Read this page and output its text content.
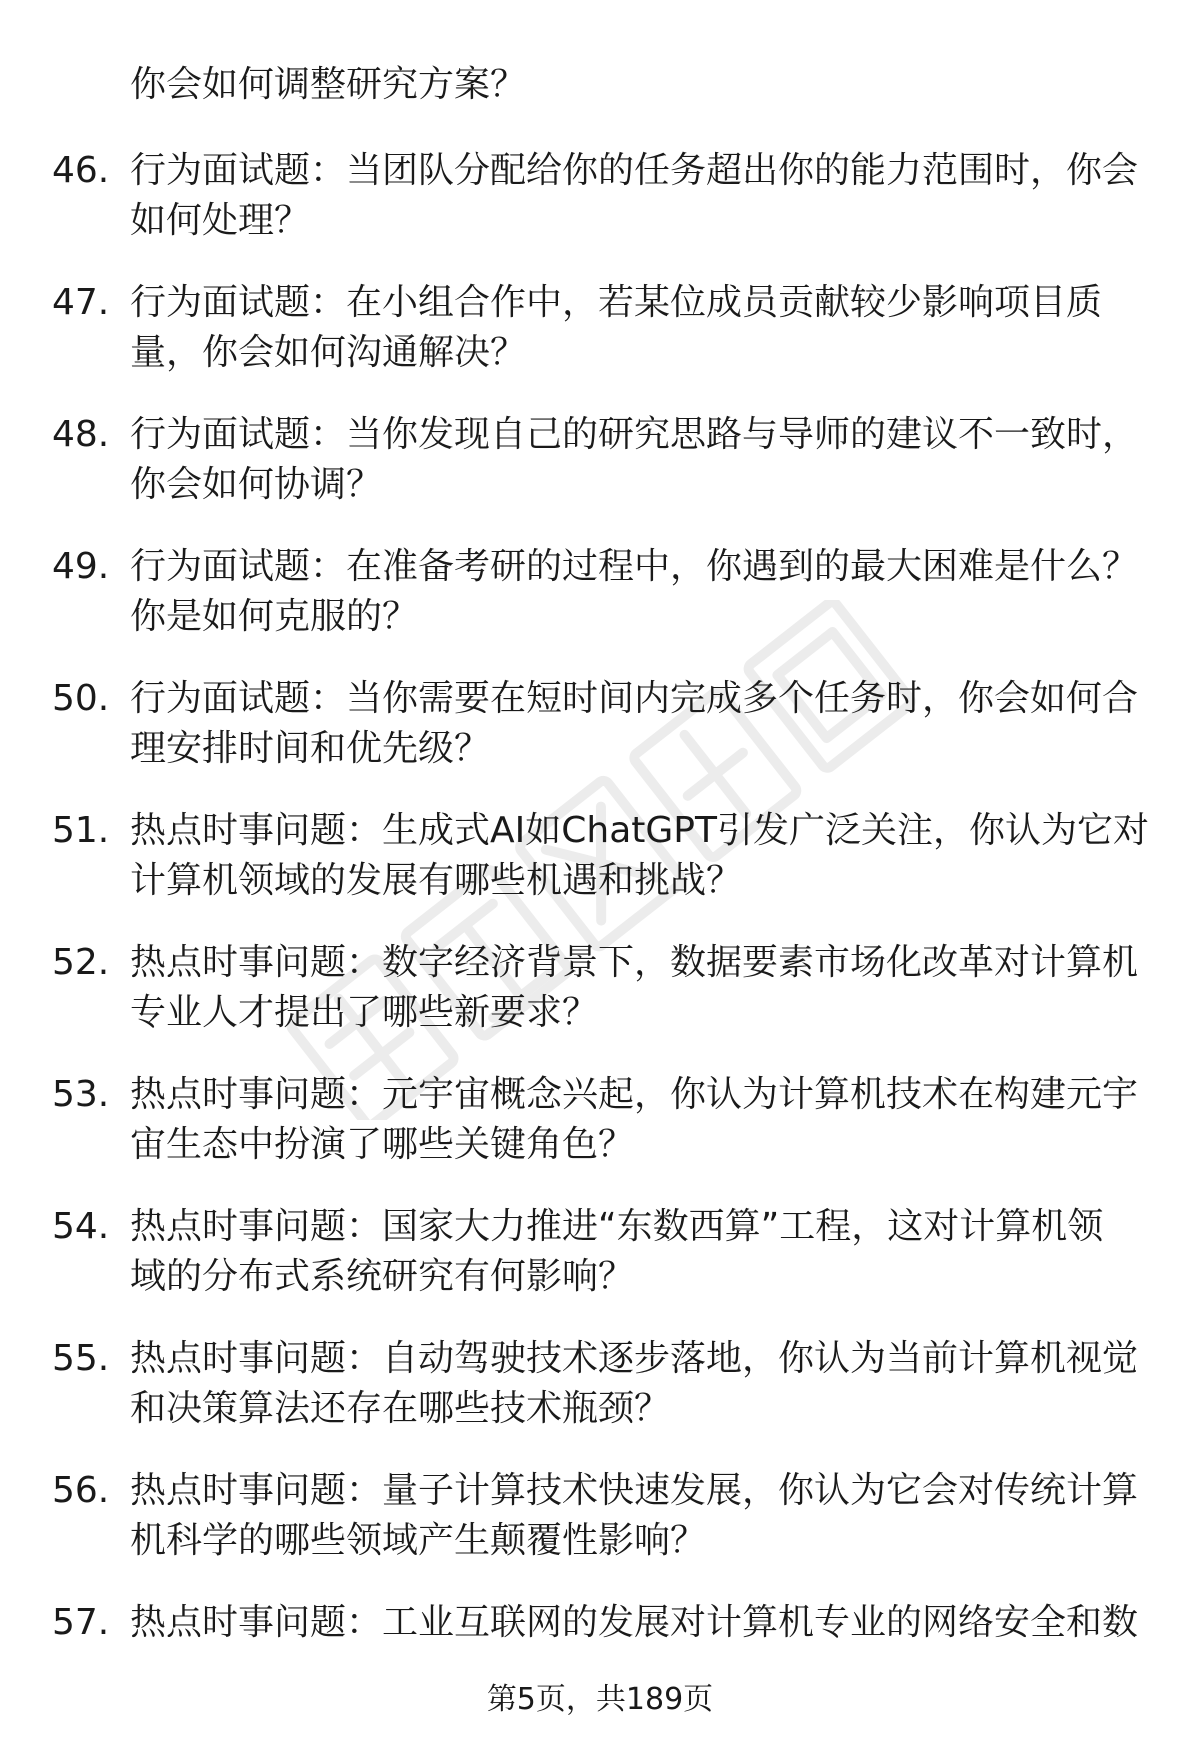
你会如何调整研究方案？

46. 行为面试题：当团队分配给你的任务超出你的能力范围时，你会
如何处理？

47. 行为面试题：在小组合作中，若某位成员贡献较少影响项目质
量，你会如何沟通解决？

48. 行为面试题：当你发现自己的研究思路与导师的建议不一致时，
你会如何协调？

49. 行为面试题：在准备考研的过程中，你遇到的最大困难是什么？
你是如何克服的？

50. 行为面试题：当你需要在短时间内完成多个任务时，你会如何合
理安排时间和优先级？

51. 热点时事问题：生成式AI如ChatGPT引发广泛关注，你认为它对
计算机领域的发展有哪些机遇和挑战？

52. 热点时事问题：数字经济背景下，数据要素市场化改革对计算机
专业人才提出了哪些新要求？

53. 热点时事问题：元宇宙概念兴起，你认为计算机技术在构建元宇
宙生态中扮演了哪些关键角色？

54. 热点时事问题：国家大力推进“东数西算”工程，这对计算机领
域的分布式系统研究有何影响？

55. 热点时事问题：自动驾驶技术逐步落地，你认为当前计算机视觉
和决策算法还存在哪些技术瓶颈？

56. 热点时事问题：量子计算技术快速发展，你认为它会对传统计算
机科学的哪些领域产生颠覆性影响？

57. 热点时事问题：工业互联网的发展对计算机专业的网络安全和数

第5页，共189页
